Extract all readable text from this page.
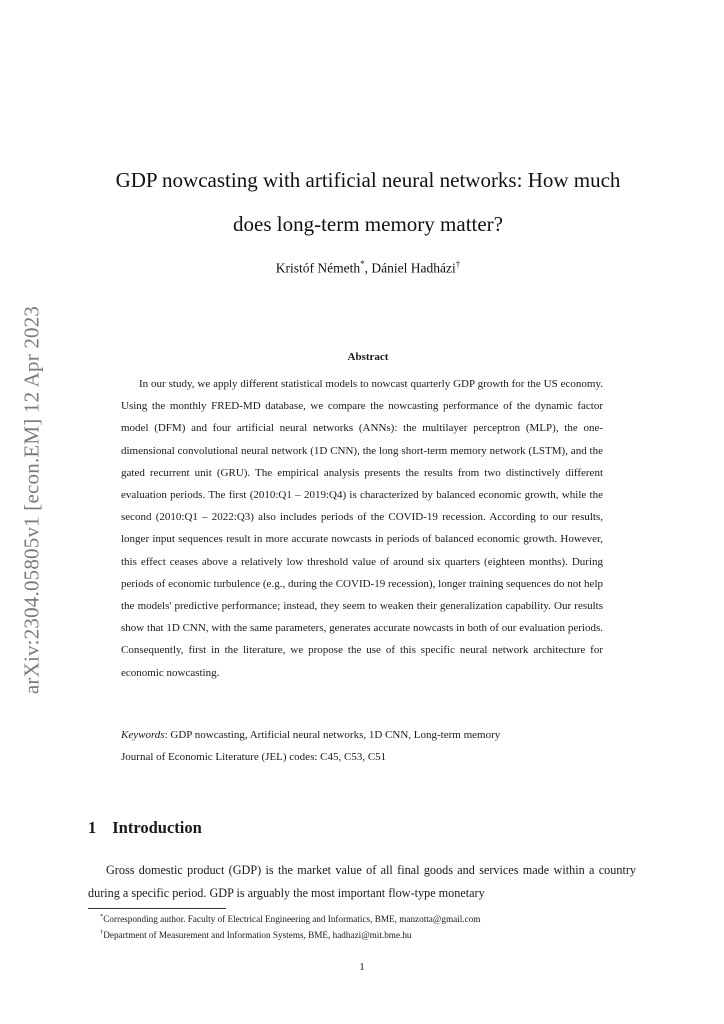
arXiv:2304.05805v1 [econ.EM] 12 Apr 2023
GDP nowcasting with artificial neural networks: How much
does long-term memory matter?
Kristóf Németh*, Dániel Hadházi†
Abstract

In our study, we apply different statistical models to nowcast quarterly GDP growth for the US economy. Using the monthly FRED-MD database, we compare the nowcasting performance of the dynamic factor model (DFM) and four artificial neural networks (ANNs): the multilayer perceptron (MLP), the one-dimensional convolutional neural network (1D CNN), the long short-term memory network (LSTM), and the gated recurrent unit (GRU). The empirical analysis presents the results from two distinctively different evaluation periods. The first (2010:Q1 – 2019:Q4) is characterized by balanced economic growth, while the second (2010:Q1 – 2022:Q3) also includes periods of the COVID-19 recession. According to our results, longer input sequences result in more accurate nowcasts in periods of balanced economic growth. However, this effect ceases above a relatively low threshold value of around six quarters (eighteen months). During periods of economic turbulence (e.g., during the COVID-19 recession), longer training sequences do not help the models' predictive performance; instead, they seem to weaken their generalization capability. Our results show that 1D CNN, with the same parameters, generates accurate nowcasts in both of our evaluation periods. Consequently, first in the literature, we propose the use of this specific neural network architecture for economic nowcasting.

Keywords: GDP nowcasting, Artificial neural networks, 1D CNN, Long-term memory
Journal of Economic Literature (JEL) codes: C45, C53, C51
1 Introduction

Gross domestic product (GDP) is the market value of all final goods and services made within a country during a specific period. GDP is arguably the most important flow-type monetary

*Corresponding author. Faculty of Electrical Engineering and Informatics, BME, manzotta@gmail.com
†Department of Measurement and Information Systems, BME, hadhazi@mit.bme.hu
1
